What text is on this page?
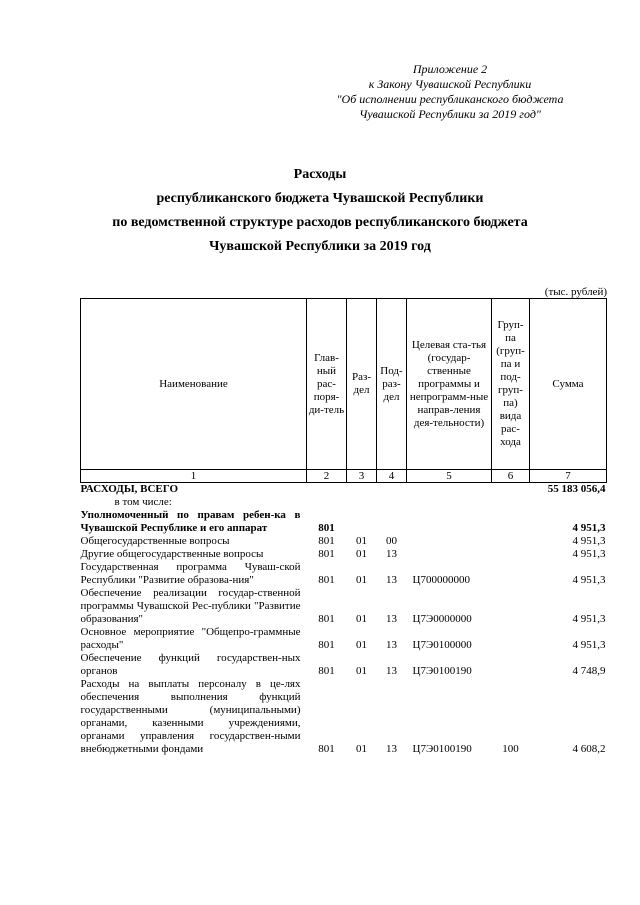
Приложение 2
к Закону Чувашской Республики
"Об исполнении республиканского бюджета
Чувашской Республики за 2019 год"
Расходы
республиканского бюджета Чувашской Республики
по ведомственной структуре расходов республиканского бюджета
Чувашской Республики за 2019 год
(тыс. рублей)
Наименование	Глав-ный рас-поря-ди-тель	Раз-дел	Под-раз-дел	Целевая ста-тья (государ-ственные программы и непрограмм-ные направ-ления дея-тельности)	Груп-па (груп-па и под-груп-па) вида рас-хода	Сумма
1	2	3	4	5	6	7
РАСХОДЫ, ВСЕГО						55 183 056,4
в том числе:						
Уполномоченный по правам ребен-ка в Чувашской Республике и его аппарат	801					4 951,3
Общегосударственные вопросы	801	01	00			4 951,3
Другие общегосударственные вопросы	801	01	13			4 951,3
Государственная программа Чуваш-ской Республики "Развитие образова-ния"	801	01	13	Ц700000000		4 951,3
Обеспечение реализации государ-ственной программы Чувашской Рес-публики "Развитие образования"	801	01	13	Ц7Э0000000		4 951,3
Основное мероприятие "Общепро-граммные расходы"	801	01	13	Ц7Э0100000		4 951,3
Обеспечение функций государствен-ных органов	801	01	13	Ц7Э0100190		4 748,9
Расходы на выплаты персоналу в це-лях обеспечения выполнения функций государственными (муниципальными) органами, казенными учреждениями, органами управления государствен-ными внебюджетными фондами	801	01	13	Ц7Э0100190	100	4 608,2
